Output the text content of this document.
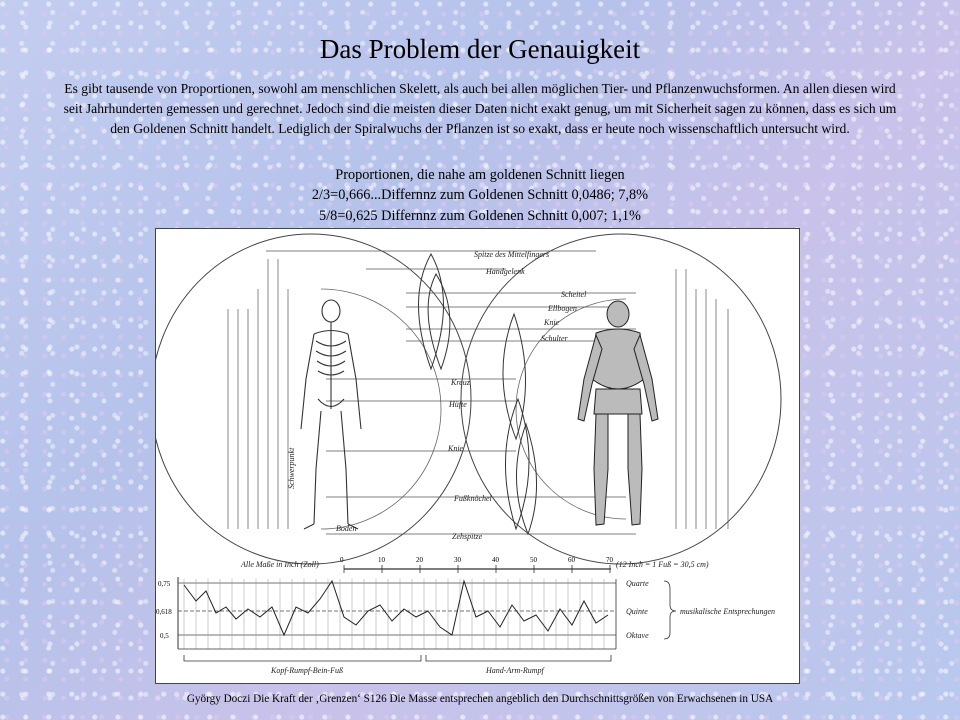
Das Problem der Genauigkeit
Es gibt tausende von Proportionen, sowohl am menschlichen Skelett, als auch bei allen möglichen Tier- und Pflanzenwuchsformen. An allen diesen wird seit Jahrhunderten gemessen und gerechnet. Jedoch sind die meisten dieser Daten nicht exakt genug, um mit Sicherheit sagen zu können, dass es sich um den Goldenen Schnitt handelt. Lediglich der Spiralwuchs der Pflanzen ist so exakt, dass er heute noch wissenschaftlich untersucht wird.
Proportionen, die nahe am goldenen Schnitt liegen
2/3=0,666...Differnnz zum Goldenen Schnitt 0,0486; 7,8%
5/8=0,625 Differnnz zum Goldenen Schnitt 0,007; 1,1%
Spitze des Mittelfingers
Handgelenk
Scheitel
Ellbogen
Knie
Schulter
Kreuz
Hüfte
Knie
Fußknöchel
Boden
Zehspitze
Schwerpunkt
Alle Maße in Inch (Zoll)	0	10	20	30	40	50	60	70 (12 Inch = 1 Fuß = 30,5 cm)
0,75
0,618
0,5
Quarte
Quinte
Oktave
musikalische Entsprechungen
Kopf-Rumpf-Bein-Fuß	Hand-Arm-Rumpf
György Doczi Die Kraft der ‚Grenzen‘ S126 Die Masse entsprechen angeblich den Durchschnittsgrößen von Erwachsenen in USA
